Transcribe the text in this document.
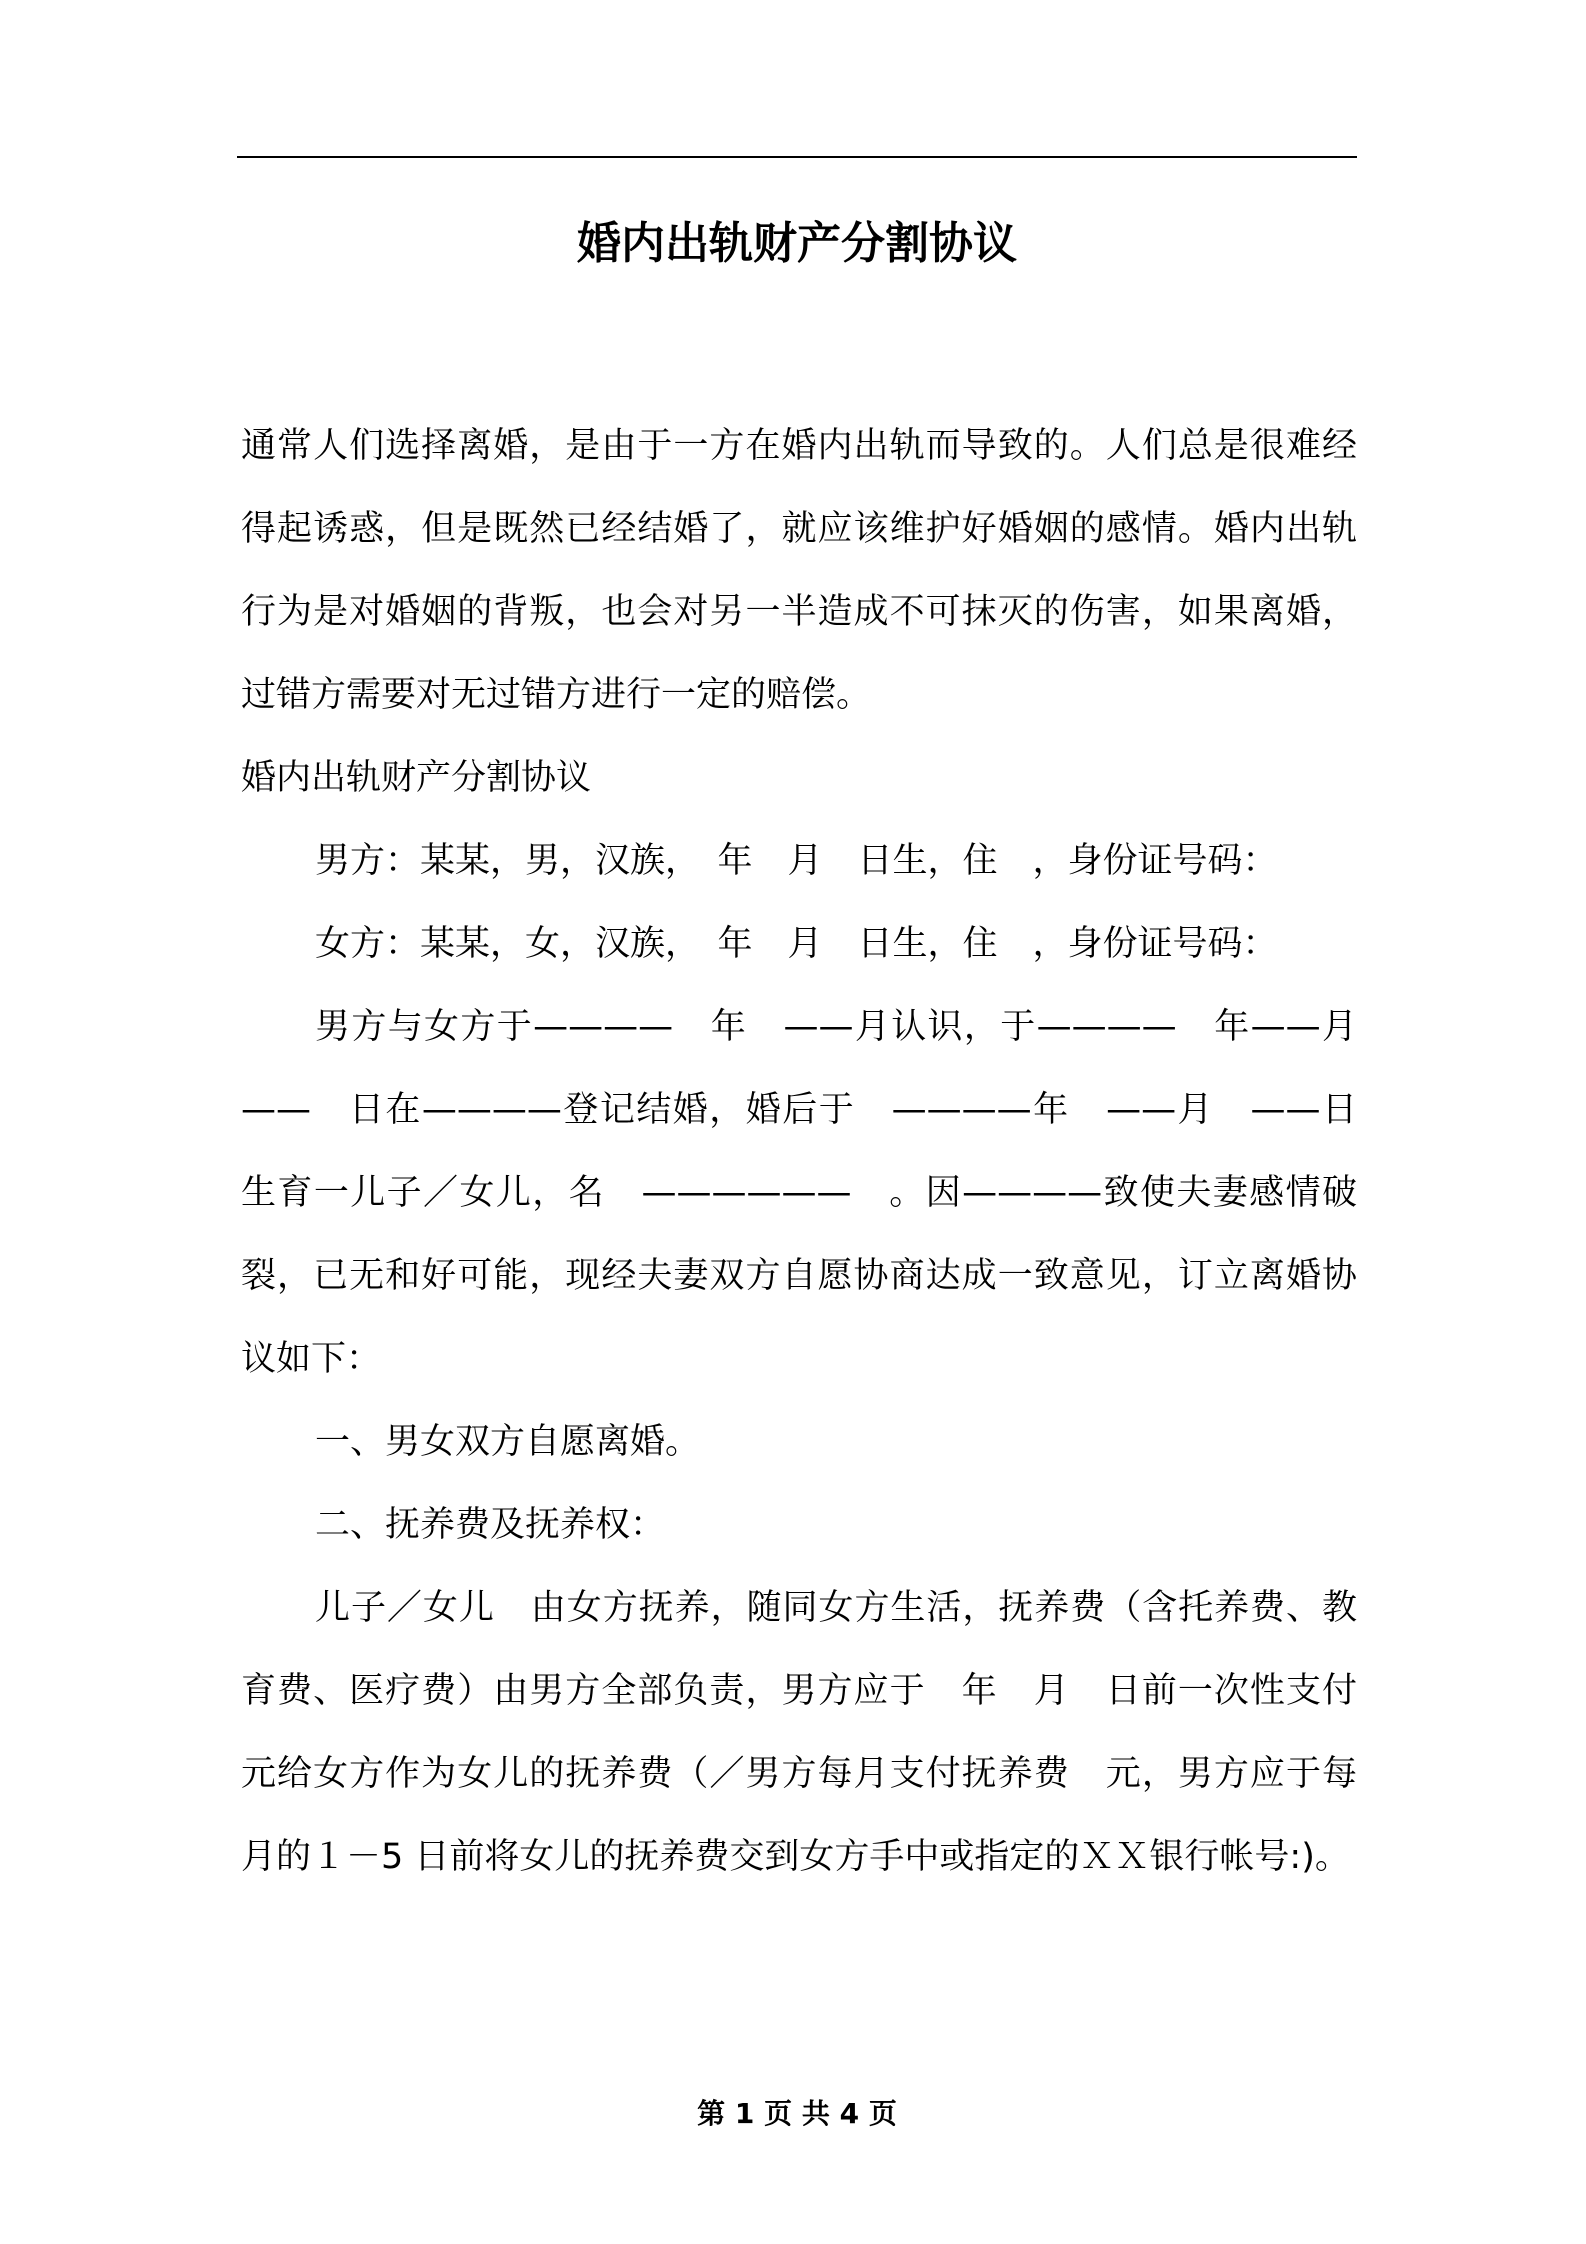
婚内出轨财产分割协议

通常人们选择离婚，是由于一方在婚内出轨而导致的。人们总是很难经得起诱惑，但是既然已经结婚了，就应该维护好婚姻的感情。婚内出轨行为是对婚姻的背叛，也会对另一半造成不可抹灭的伤害，如果离婚，过错方需要对无过错方进行一定的赔偿。

婚内出轨财产分割协议

男方：某某，男，汉族，　年　月　日生，住　，身份证号码：

女方：某某，女，汉族，　年　月　日生，住　，身份证号码：

男方与女方于————　年　——月认识，于————　年——月——　日在————登记结婚，婚后于　————年　——月　——日生育一儿子／女儿，名　——————　。因————致使夫妻感情破裂，已无和好可能，现经夫妻双方自愿协商达成一致意见，订立离婚协议如下：

一、男女双方自愿离婚。

二、抚养费及抚养权：

儿子／女儿　由女方抚养，随同女方生活，抚养费（含托养费、教育费、医疗费）由男方全部负责，男方应于　年　月　日前一次性支付　元给女方作为女儿的抚养费（／男方每月支付抚养费　元，男方应于每月的１－5 日前将女儿的抚养费交到女方手中或指定的ＸＸ银行帐号:)。

第 1 页 共 4 页
